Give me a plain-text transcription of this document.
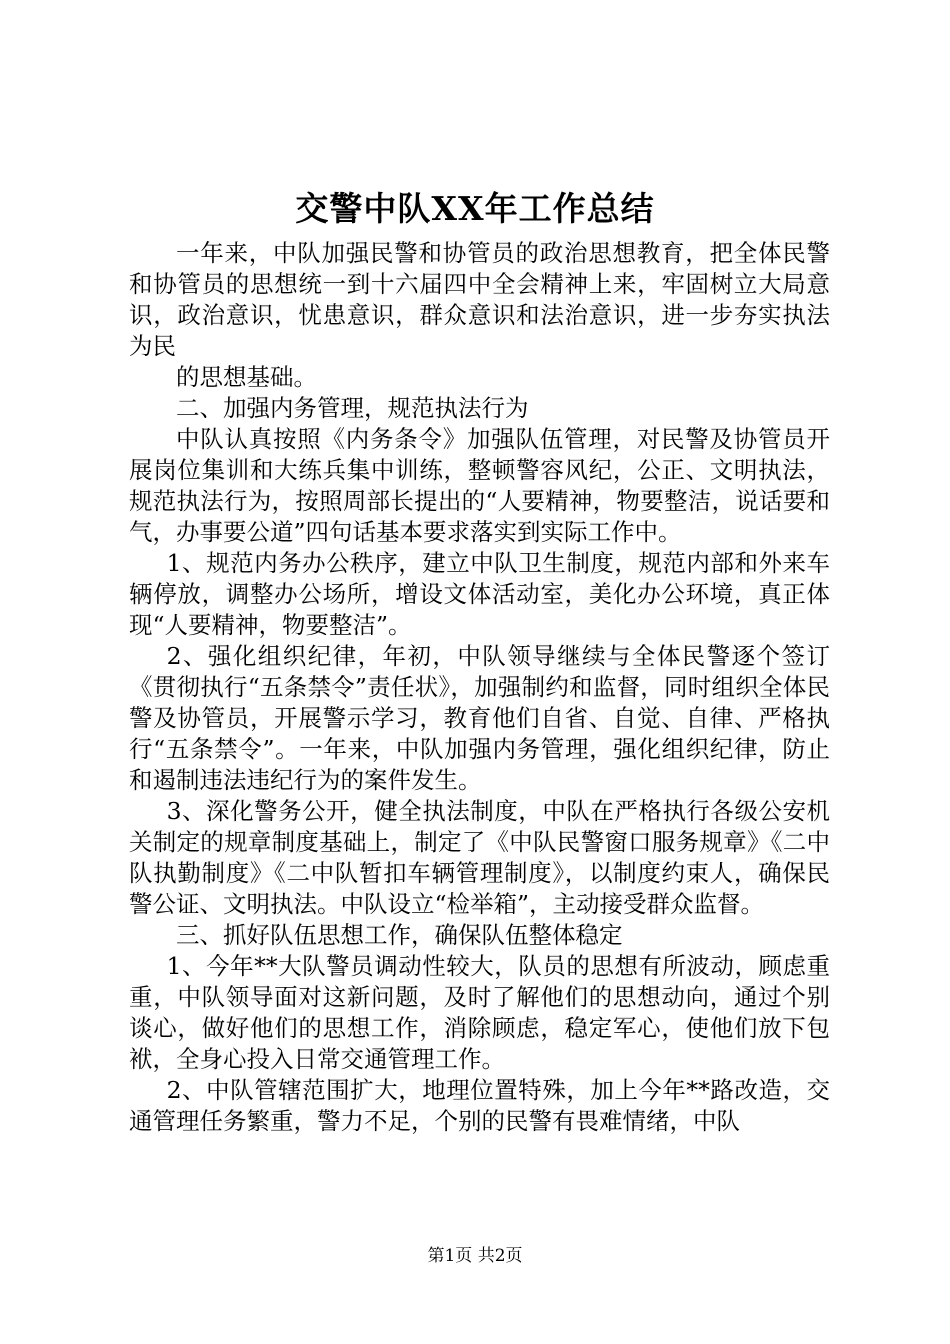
交警中队XX年工作总结

一年来，中队加强民警和协管员的政治思想教育，把全体民警和协管员的思想统一到十六届四中全会精神上来，牢固树立大局意识，政治意识，忧患意识，群众意识和法治意识，进一步夯实执法为民

的思想基础。

二、加强内务管理，规范执法行为

中队认真按照《内务条令》加强队伍管理，对民警及协管员开展岗位集训和大练兵集中训练，整顿警容风纪，公正、文明执法，规范执法行为，按照周部长提出的“人要精神，物要整洁，说话要和气，办事要公道”四句话基本要求落实到实际工作中。

1、规范内务办公秩序，建立中队卫生制度，规范内部和外来车辆停放，调整办公场所，增设文体活动室，美化办公环境，真正体现“人要精神，物要整洁”。

2、强化组织纪律，年初，中队领导继续与全体民警逐个签订《贯彻执行“五条禁令”责任状》，加强制约和监督，同时组织全体民警及协管员，开展警示学习，教育他们自省、自觉、自律、严格执行“五条禁令”。一年来，中队加强内务管理，强化组织纪律，防止和遏制违法违纪行为的案件发生。

3、深化警务公开，健全执法制度，中队在严格执行各级公安机关制定的规章制度基础上，制定了《中队民警窗口服务规章》《二中队执勤制度》《二中队暂扣车辆管理制度》，以制度约束人，确保民警公证、文明执法。中队设立“检举箱”，主动接受群众监督。

三、抓好队伍思想工作，确保队伍整体稳定

1、今年**大队警员调动性较大，队员的思想有所波动，顾虑重重，中队领导面对这新问题，及时了解他们的思想动向，通过个别谈心，做好他们的思想工作，消除顾虑，稳定军心，使他们放下包袱，全身心投入日常交通管理工作。

2、中队管辖范围扩大，地理位置特殊，加上今年**路改造，交通管理任务繁重，警力不足，个别的民警有畏难情绪，中队

第1页 共2页
